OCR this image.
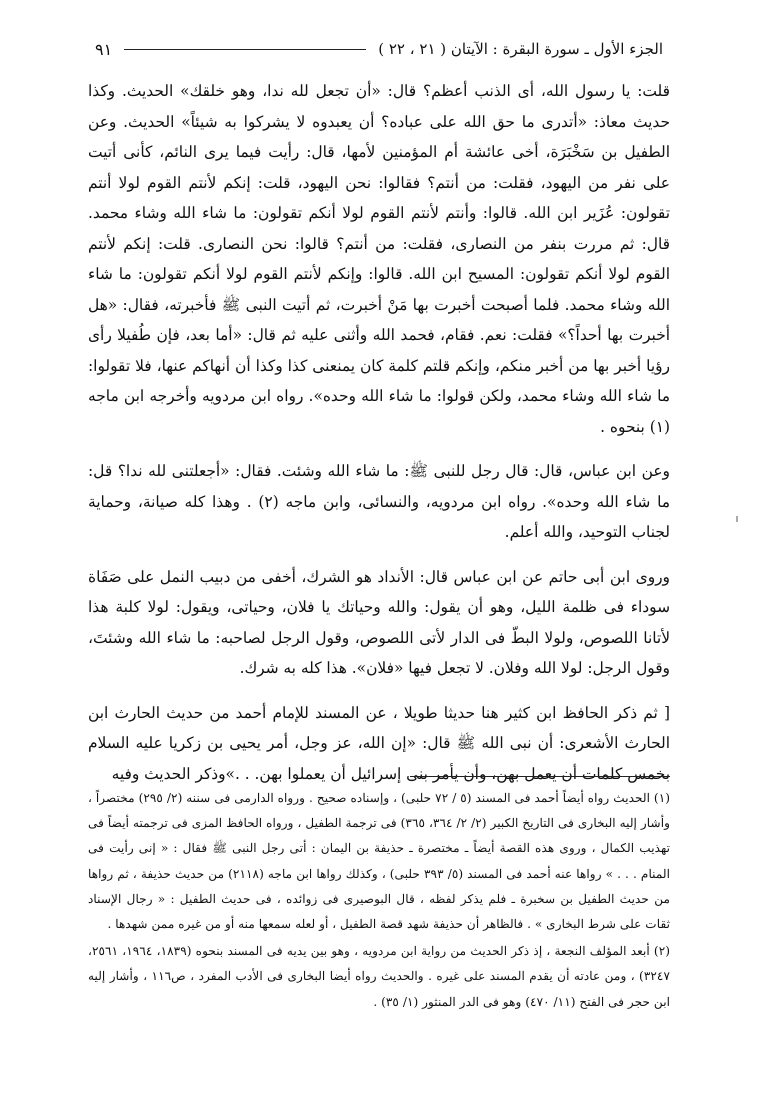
الجزء الأول ـ سورة البقرة : الآيتان ( ٢١ ، ٢٢ )
٩١

قلت: يا رسول الله، أى الذنب أعظم؟ قال: «أن تجعل لله ندا، وهو خلقك» الحديث. وكذا حديث معاذ: «أتدرى ما حق الله على عباده؟ أن يعبدوه لا يشركوا به شيئاً» الحديث. وعن الطفيل بن سَخْبَرَة، أخى عائشة أم المؤمنين لأمها، قال: رأيت فيما يرى النائم، كأنى أتيت على نفر من اليهود، فقلت: من أنتم؟ فقالوا: نحن اليهود، قلت: إنكم لأنتم القوم لولا أنتم تقولون: عُزَير ابن الله. قالوا: وأنتم لأنتم القوم لولا أنكم تقولون: ما شاء الله وشاء محمد. قال: ثم مررت بنفر من النصارى، فقلت: من أنتم؟ قالوا: نحن النصارى. قلت: إنكم لأنتم القوم لولا أنكم تقولون: المسيح ابن الله. قالوا: وإنكم لأنتم القوم لولا أنكم تقولون: ما شاء الله وشاء محمد. فلما أصبحت أخبرت بها مَنْ أخبرت، ثم أتيت النبى ﷺ فأخبرته، فقال: «هل أخبرت بها أحداً؟» فقلت: نعم. فقام، فحمد الله وأثنى عليه ثم قال: «أما بعد، فإن طُفيلا رأى رؤيا أخبر بها من أخبر منكم، وإنكم قلتم كلمة كان يمنعنى كذا وكذا أن أنهاكم عنها، فلا تقولوا: ما شاء الله وشاء محمد، ولكن قولوا: ما شاء الله وحده». رواه ابن مردويه وأخرجه ابن ماجه (١) بنحوه .

وعن ابن عباس، قال: قال رجل للنبى ﷺ: ما شاء الله وشئت. فقال: «أجعلتنى لله ندا؟ قل: ما شاء الله وحده». رواه ابن مردويه، والنسائى، وابن ماجه (٢) . وهذا كله صيانة، وحماية لجناب التوحيد، والله أعلم.

وروى ابن أبى حاتم عن ابن عباس قال: الأنداد هو الشرك، أخفى من دبيب النمل على صَفَاة سوداء فى ظلمة الليل، وهو أن يقول: والله وحياتك يا فلان، وحياتى، ويقول: لولا كلبة هذا لأتانا اللصوص، ولولا البطّ فى الدار لأتى اللصوص، وقول الرجل لصاحبه: ما شاء الله وشئتَ، وقول الرجل: لولا الله وفلان. لا تجعل فيها «فلان». هذا كله به شرك.

[ ثم ذكر الحافظ ابن كثير هنا حديثا طويلا ، عن المسند للإمام أحمد من حديث الحارث ابن الحارث الأشعرى: أن نبى الله ﷺ قال: «إن الله، عز وجل، أمر يحيى بن زكريا عليه السلام بخمس كلمات أن يعمل بهن، وأن يأمر بنى إسرائيل أن يعملوا بهن. . .»وذكر الحديث وفيه

(١) الحديث رواه أيضاً أحمد فى المسند (٥ / ٧٢ حلبى) ، وإسناده صحيح . ورواه الدارمى فى سننه (٢/ ٢٩٥) مختصراً ، وأشار إليه البخارى فى التاريخ الكبير (٢/ ٢/ ٣٦٤، ٣٦٥) فى ترجمة الطفيل ، ورواه الحافظ المزى فى ترجمته أيضاً فى تهذيب الكمال ، وروى هذه القصة أيضاً ـ مختصرة ـ حذيفة بن اليمان : أتى رجل النبى ﷺ فقال : « إنى رأيت فى المنام . . . » رواها عنه أحمد فى المسند (٥/ ٣٩٣ حلبى) ، وكذلك رواها ابن ماجه (٢١١٨) من حديث حذيفة ، ثم رواها من حديث الطفيل بن سخبرة ـ فلم يذكر لفظه ، قال البوصيرى فى زوائده ، فى حديث الطفيل : « رجال الإسناد ثقات على شرط البخارى » . فالظاهر أن حذيفة شهد قصة الطفيل ، أو لعله سمعها منه أو من غيره ممن شهدها .

(٢) أبعد المؤلف النجعة ، إذ ذكر الحديث من رواية ابن مردويه ، وهو بين يديه فى المسند بنحوه (١٨٣٩، ١٩٦٤، ٢٥٦١، ٣٢٤٧) ، ومن عادته أن يقدم المسند على غيره . والحديث رواه أيضا البخارى فى الأدب المفرد ، ص١١٦ ، وأشار إليه ابن حجر فى الفتح (١١/ ٤٧٠) وهو فى الدر المنثور (١/ ٣٥) .
